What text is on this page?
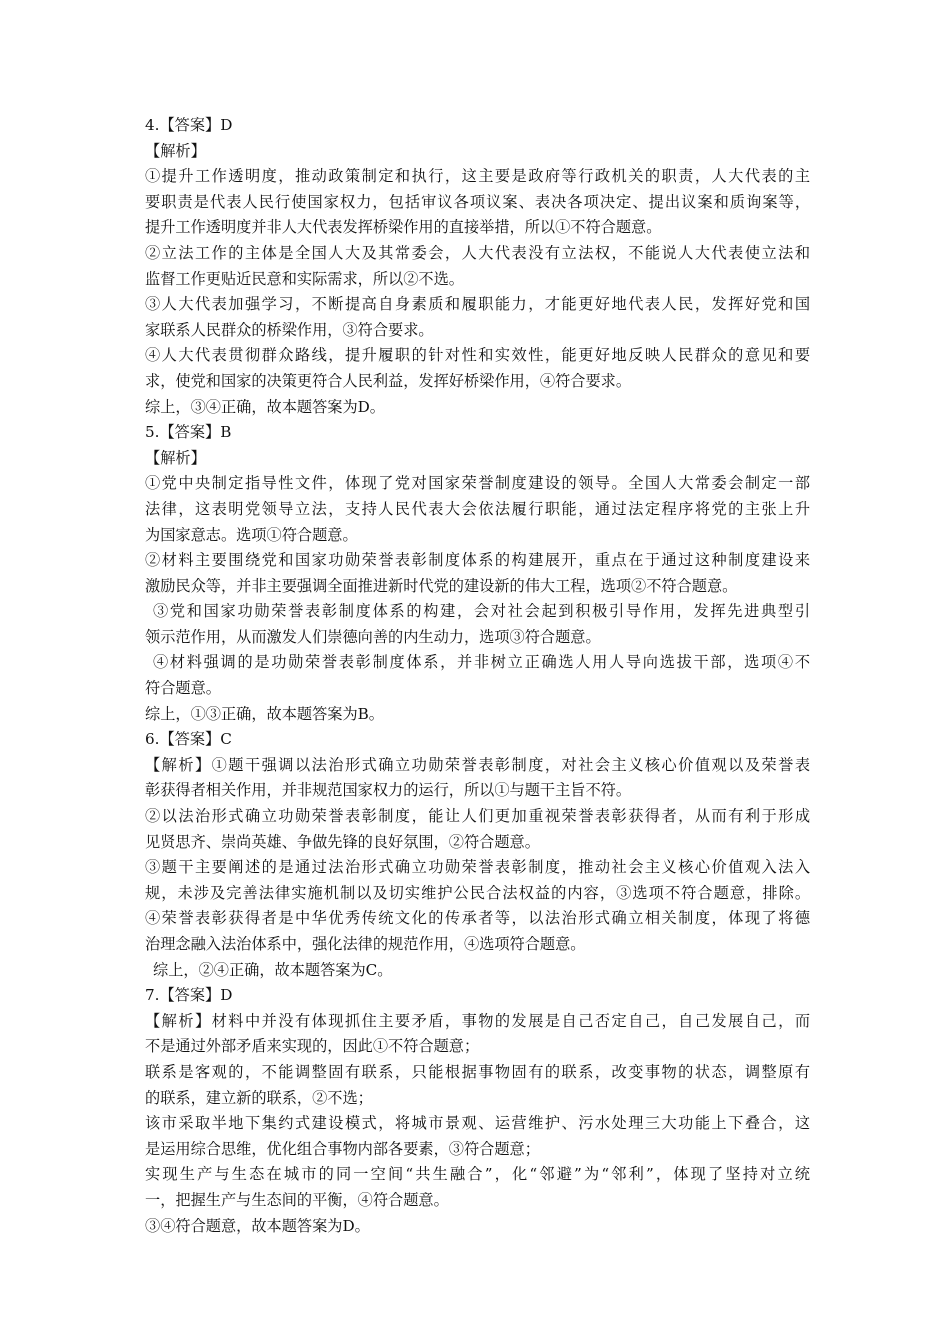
4.【答案】D
【解析】
①提升工作透明度，推动政策制定和执行，这主要是政府等行政机关的职责，人大代表的主
要职责是代表人民行使国家权力，包括审议各项议案、表决各项决定、提出议案和质询案等，
提升工作透明度并非人大代表发挥桥梁作用的直接举措，所以①不符合题意。
②立法工作的主体是全国人大及其常委会，人大代表没有立法权，不能说人大代表使立法和
监督工作更贴近民意和实际需求，所以②不选。
③人大代表加强学习，不断提高自身素质和履职能力，才能更好地代表人民，发挥好党和国
家联系人民群众的桥梁作用，③符合要求。
④人大代表贯彻群众路线，提升履职的针对性和实效性，能更好地反映人民群众的意见和要
求，使党和国家的决策更符合人民利益，发挥好桥梁作用，④符合要求。
综上，③④正确，故本题答案为D。
5.【答案】B
【解析】
①党中央制定指导性文件，体现了党对国家荣誉制度建设的领导。全国人大常委会制定一部
法律，这表明党领导立法，支持人民代表大会依法履行职能，通过法定程序将党的主张上升
为国家意志。选项①符合题意。
②材料主要围绕党和国家功勋荣誉表彰制度体系的构建展开，重点在于通过这种制度建设来
激励民众等，并非主要强调全面推进新时代党的建设新的伟大工程，选项②不符合题意。
③党和国家功勋荣誉表彰制度体系的构建，会对社会起到积极引导作用，发挥先进典型引
领示范作用，从而激发人们崇德向善的内生动力，选项③符合题意。
④材料强调的是功勋荣誉表彰制度体系，并非树立正确选人用人导向选拔干部，选项④不
符合题意。
综上，①③正确，故本题答案为B。
6.【答案】C
【解析】①题干强调以法治形式确立功勋荣誉表彰制度，对社会主义核心价值观以及荣誉表
彰获得者相关作用，并非规范国家权力的运行，所以①与题干主旨不符。
②以法治形式确立功勋荣誉表彰制度，能让人们更加重视荣誉表彰获得者，从而有利于形成
见贤思齐、崇尚英雄、争做先锋的良好氛围，②符合题意。
③题干主要阐述的是通过法治形式确立功勋荣誉表彰制度，推动社会主义核心价值观入法入
规，未涉及完善法律实施机制以及切实维护公民合法权益的内容，③选项不符合题意，排除。
④荣誉表彰获得者是中华优秀传统文化的传承者等，以法治形式确立相关制度，体现了将德
治理念融入法治体系中，强化法律的规范作用，④选项符合题意。
综上，②④正确，故本题答案为C。
7.【答案】D
【解析】材料中并没有体现抓住主要矛盾，事物的发展是自己否定自己，自己发展自己，而
不是通过外部矛盾来实现的，因此①不符合题意；
联系是客观的，不能调整固有联系，只能根据事物固有的联系，改变事物的状态，调整原有
的联系，建立新的联系，②不选；
该市采取半地下集约式建设模式，将城市景观、运营维护、污水处理三大功能上下叠合，这
是运用综合思维，优化组合事物内部各要素，③符合题意；
实现生产与生态在城市的同一空间“共生融合”，化“邻避”为“邻利”，体现了坚持对立统
一，把握生产与生态间的平衡，④符合题意。
③④符合题意，故本题答案为D。
